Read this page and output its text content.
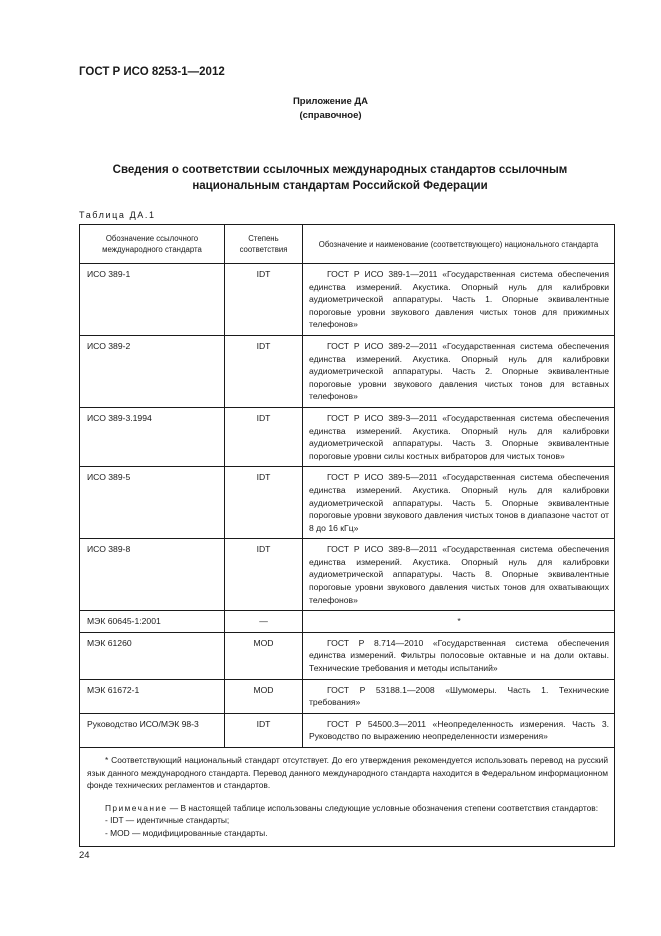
ГОСТ Р ИСО 8253-1—2012
Приложение ДА
(справочное)
Сведения о соответствии ссылочных международных стандартов ссылочным национальным стандартам Российской Федерации
Таблица ДА.1
Обозначение ссылочного международного стандарта	Степень соответствия	Обозначение и наименование (соответствующего) национального стандарта
ИСО 389-1	IDT	ГОСТ Р ИСО 389-1—2011 «Государственная система обеспечения единства измерений. Акустика. Опорный нуль для калибровки аудиометрической аппаратуры. Часть 1. Опорные эквивалентные пороговые уровни звукового давления чистых тонов для прижимных телефонов»
ИСО 389-2	IDT	ГОСТ Р ИСО 389-2—2011 «Государственная система обеспечения единства измерений. Акустика. Опорный нуль для калибровки аудиометрической аппаратуры. Часть 2. Опорные эквивалентные пороговые уровни звукового давления чистых тонов для вставных телефонов»
ИСО 389-3.1994	IDT	ГОСТ Р ИСО 389-3—2011 «Государственная система обеспечения единства измерений. Акустика. Опорный нуль для калибровки аудиометрической аппаратуры. Часть 3. Опорные эквивалентные пороговые уровни силы костных вибраторов для чистых тонов»
ИСО 389-5	IDT	ГОСТ Р ИСО 389-5—2011 «Государственная система обеспечения единства измерений. Акустика. Опорный нуль для калибровки аудиометрической аппаратуры. Часть 5. Опорные эквивалентные пороговые уровни звукового давления чистых тонов в диапазоне частот от 8 до 16 кГц»
ИСО 389-8	IDT	ГОСТ Р ИСО 389-8—2011 «Государственная система обеспечения единства измерений. Акустика. Опорный нуль для калибровки аудиометрической аппаратуры. Часть 8. Опорные эквивалентные пороговые уровни звукового давления чистых тонов для охватывающих телефонов»
МЭК 60645-1:2001	—	*
МЭК 61260	MOD	ГОСТ Р 8.714—2010 «Государственная система обеспечения единства измерений. Фильтры полосовые октавные и на доли октавы. Технические требования и методы испытаний»
МЭК 61672-1	MOD	ГОСТ Р 53188.1—2008 «Шумомеры. Часть 1. Технические требования»
Руководство ИСО/МЭК 98-3	IDT	ГОСТ Р 54500.3—2011 «Неопределенность измерения. Часть 3. Руководство по выражению неопределенности измерения»

* Соответствующий национальный стандарт отсутствует. До его утверждения рекомендуется использовать перевод на русский язык данного международного стандарта. Перевод данного международного стандарта находится в Федеральном информационном фонде технических регламентов и стандартов.

Примечание — В настоящей таблице использованы следующие условные обозначения степени соответствия стандартов:

- IDT — идентичные стандарты;

- MOD — модифицированные стандарты.		

24
